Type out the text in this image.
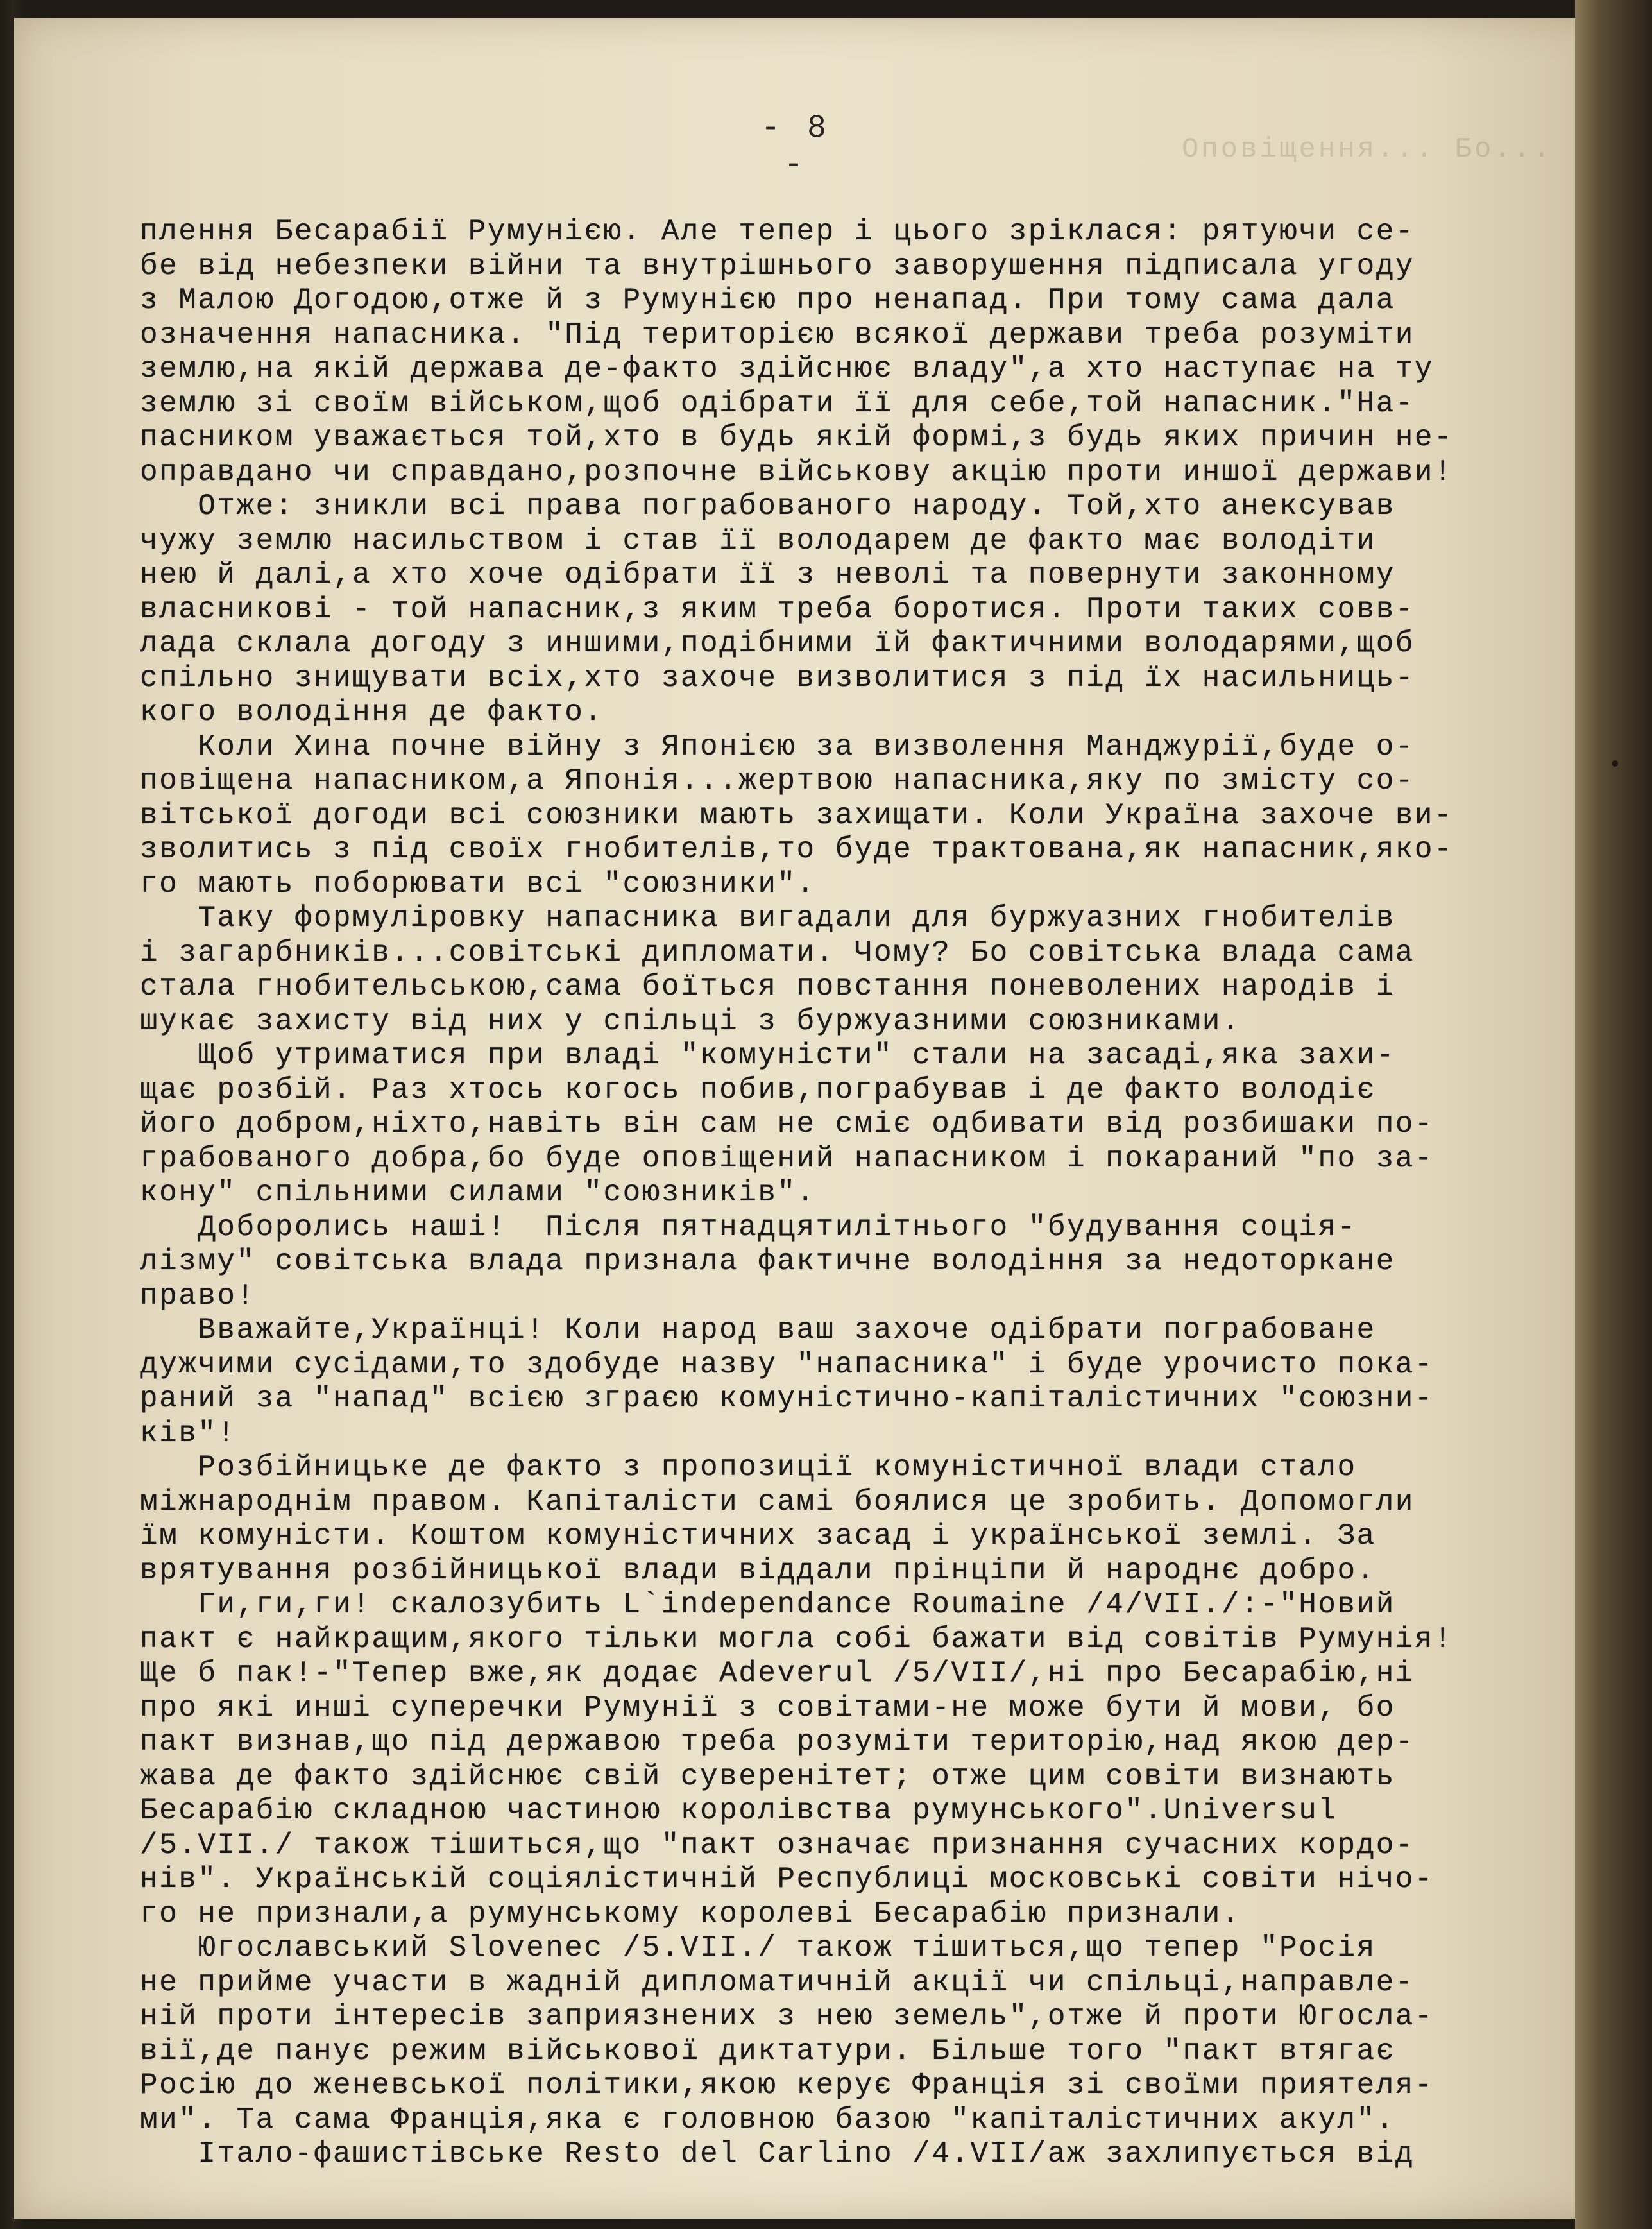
Оповіщення... Бо...
- 8 -
плення Бесарабії Румунією. Але тепер і цього зріклася: рятуючи се-
бе від небезпеки війни та внутрішнього заворушення підписала угоду
з Малою Догодою,отже й з Румунією про ненапад. При тому сама дала
означення напасника. "Під територією всякої держави треба розуміти
землю,на якій держава де-факто здійснює владу",а хто наступає на ту
землю зі своїм військом,щоб одібрати її для себе,той напасник."На-
пасником уважається той,хто в будь якій формі,з будь яких причин не-
оправдано чи справдано,розпочне військову акцію проти иншої держави!
Отже: зникли всі права пограбованого народу. Той,хто анексував
чужу землю насильством і став її володарем де факто має володіти
нею й далі,а хто хоче одібрати її з неволі та повернути законному
власникові - той напасник,з яким треба боротися. Проти таких совв-
лада склала догоду з иншими,подібними їй фактичними володарями,щоб
спільно знищувати всіх,хто захоче визволитися з під їх насильниць-
кого володіння де факто.
Коли Хина почне війну з Японією за визволення Манджурії,буде о-
повіщена напасником,а Японія...жертвою напасника,яку по змісту со-
вітської догоди всі союзники мають захищати. Коли Україна захоче ви-
зволитись з під своїх гнобителів,то буде трактована,як напасник,яко-
го мають поборювати всі "союзники".
Таку формуліровку напасника вигадали для буржуазних гнобителів
і загарбників...совітські дипломати. Чому? Бо совітська влада сама
стала гнобительською,сама боїться повстання поневолених народів і
шукає захисту від них у спільці з буржуазними союзниками.
Щоб утриматися при владі "комуністи" стали на засаді,яка захи-
щає розбій. Раз хтось когось побив,пограбував і де факто володіє
його добром,ніхто,навіть він сам не сміє одбивати від розбишаки по-
грабованого добра,бо буде оповіщений напасником і покараний "по за-
кону" спільними силами "союзників".
Доборолись наші!  Після пятнадцятилітнього "будування соція-
лізму" совітська влада признала фактичне володіння за недоторкане
право!
Вважайте,Українці! Коли народ ваш захоче одібрати пограбоване
дужчими сусідами,то здобуде назву "напасника" і буде урочисто пока-
раний за "напад" всією зграєю комуністично-капіталістичних "союзни-
ків"!
Розбійницьке де факто з пропозиції комуністичної влади стало
міжнароднім правом. Капіталісти самі боялися це зробить. Допомогли
їм комуністи. Коштом комуністичних засад і української землі. За
врятування розбійницької влади віддали прінціпи й народнє добро.
Ги,ги,ги! скалозубить L`independance Roumaine /4/VII./:-"Новий
пакт є найкращим,якого тільки могла собі бажати від совітів Румунія!
Ще б пак!-"Тепер вже,як додає Adeverul /5/VII/,ні про Бесарабію,ні
про які инші суперечки Румунії з совітами-не може бути й мови, бо
пакт визнав,що під державою треба розуміти територію,над якою дер-
жава де факто здійснює свій суверенітет; отже цим совіти визнають
Бесарабію складною частиною королівства румунського".Universul
/5.VII./ також тішиться,що "пакт означає признання сучасних кордо-
нів". Українській соціялістичній Республиці московські совіти нічо-
го не признали,а румунському королеві Бесарабію признали.
Югославський Slovenec /5.VII./ також тішиться,що тепер "Росія
не прийме участи в жадній дипломатичній акції чи спільці,направле-
ній проти інтересів заприязнених з нею земель",отже й проти Югосла-
вії,де панує режим військової диктатури. Більше того "пакт втягає
Росію до женевської політики,якою керує Франція зі своїми приятеля-
ми". Та сама Франція,яка є головною базою "капіталістичних акул".
Італо-фашистівське Resto del Carlino /4.VII/аж захлипується від
